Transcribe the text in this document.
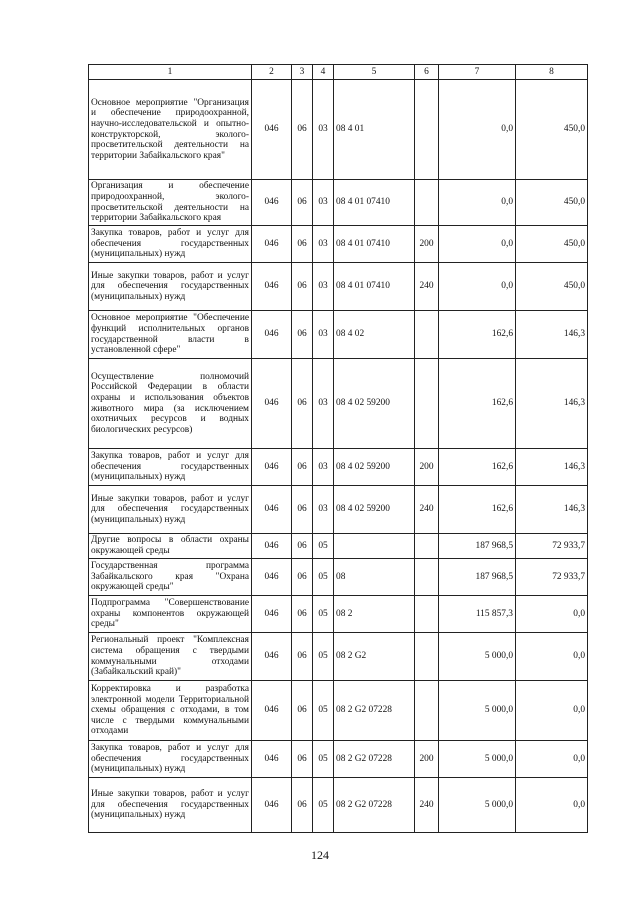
1	2	3	4	5	6	7	8
Основное мероприятие "Организация и обеспечение природоохранной, научно-исследовательской и опытно-конструкторской, эколого-просветительской деятельности на территории Забайкальского края"	046	06	03	08 4 01		0,0	450,0
Организация и обеспечение природоохранной, эколого-просветительской деятельности на территории Забайкальского края	046	06	03	08 4 01 07410		0,0	450,0
Закупка товаров, работ и услуг для обеспечения государственных (муниципальных) нужд	046	06	03	08 4 01 07410	200	0,0	450,0
Иные закупки товаров, работ и услуг для обеспечения государственных (муниципальных) нужд	046	06	03	08 4 01 07410	240	0,0	450,0
Основное мероприятие "Обеспечение функций исполнительных органов государственной власти в установленной сфере"	046	06	03	08 4 02		162,6	146,3
Осуществление полномочий Российской Федерации в области охраны и использования объектов животного мира (за исключением охотничьих ресурсов и водных биологических ресурсов)	046	06	03	08 4 02 59200		162,6	146,3
Закупка товаров, работ и услуг для обеспечения государственных (муниципальных) нужд	046	06	03	08 4 02 59200	200	162,6	146,3
Иные закупки товаров, работ и услуг для обеспечения государственных (муниципальных) нужд	046	06	03	08 4 02 59200	240	162,6	146,3
Другие вопросы в области охраны окружающей среды	046	06	05			187 968,5	72 933,7
Государственная программа Забайкальского края "Охрана окружающей среды"	046	06	05	08		187 968,5	72 933,7
Подпрограмма "Совершенствование охраны компонентов окружающей среды"	046	06	05	08 2		115 857,3	0,0
Региональный проект "Комплексная система обращения с твердыми коммунальными отходами (Забайкальский край)"	046	06	05	08 2 G2		5 000,0	0,0
Корректировка и разработка электронной модели Территориальной схемы обращения с отходами, в том числе с твердыми коммунальными отходами	046	06	05	08 2 G2 07228		5 000,0	0,0
Закупка товаров, работ и услуг для обеспечения государственных (муниципальных) нужд	046	06	05	08 2 G2 07228	200	5 000,0	0,0
Иные закупки товаров, работ и услуг для обеспечения государственных (муниципальных) нужд	046	06	05	08 2 G2 07228	240	5 000,0	0,0
124
